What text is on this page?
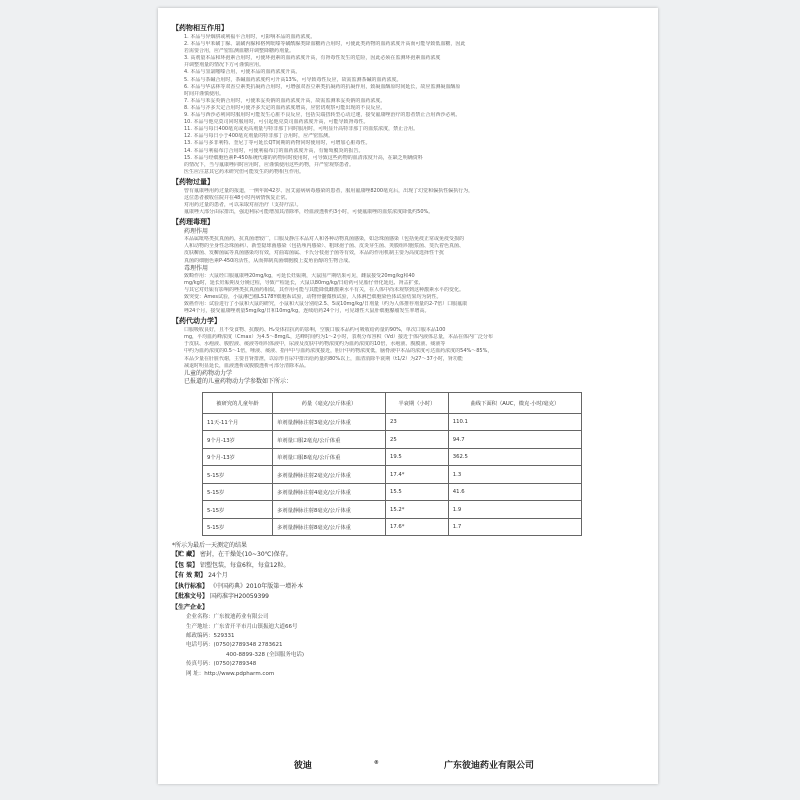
【药物相互作用】
1. 本品与异烟肼或利福平合用时，可影响本品的血药浓度。
2. 本品与甲苯磺丁脲、氯磺丙脲和格列吡嗪等磺酰脲类降血糖药合用时，可使此类药物的血药浓度升高而可能导致低血糖，因此
若需要合用，应严密监测血糖并调整降糖药剂量。
3. 高剂量本品和环孢素合用时，可使环孢素的血药浓度升高，有肾毒性发生的危险，因此必须在监测环孢素血药浓度
并调整剂量的情况下方可谨慎应用。
4. 本品与氢氯噻嗪合用，可使本品的血药浓度升高。
5. 本品与茶碱合用时，茶碱血药浓度约可升高13%，可导致毒性反应，故需监测茶碱的血药浓度。
6. 本品与华法林等双香豆素类抗凝药合用时，可增强双香豆素类抗凝药的抗凝作用，致凝血酶原时间延长，故应监测凝血酶原
时间并谨慎使用。
7. 本品与苯妥英钠合用时，可使苯妥英钠的血药浓度升高，故需监测苯妥英钠的血药浓度。
8. 本品与齐多夫定合用时可使齐多夫定的血药浓度增高，应密切观察可能出现的不良反应。
9. 本品与西沙必利同时服用时可能发生心脏不良反应，包括尖端扭转型心动过速，接受氟康唑治疗的患者禁止合用西沙必利。
10. 本品与他克莫司同时服用时，可引起他克莫司血药浓度升高，可能导致肾毒性。
11. 本品与每日400毫克或更高剂量与特非那丁同时服用时，可明显升高特非那丁的血浆浓度，禁止合用。
12. 本品与每日小于400毫克剂量的特非那丁合用时，应严密监测。
13. 本品与多非利特、奎尼丁等可延长QT间期的药物同时使用时，可增加心脏毒性。
14. 本品与利福布汀合用时，可使利福布汀的血药浓度升高，有葡萄膜炎的报告。
15. 本品与经细胞色素P-450系统代谢的药物同时使用时，可导致这些药物的血清浓度升高，在缺乏明确资料
的情况下，当与氟康唑同时应用时，应谨慎使用这些药物，并严密观察患者。
医生应注意其它药未研究但可能发生的药物相互作用。
【药物过量】
曾有氟康唑用药过量的报道，一例年龄42岁、因艾滋病病毒感染的患者，服用氟康唑8200毫克后，出现了幻觉和偏执性偏执行为，
这位患者被收住院并在48小时内病情恢复正常。
对用药过量的患者，可以采取对症治疗（支持疗法）。
氟康唑大部分由尿排出，强迫利尿可能增加其清除率，经血液透析约3小时，可使氟康唑的血浆浓度降低约50%。
【药理毒理】
药理作用
本品属吡咯类抗真菌药，抗真菌谱较广，口服及静注本品对人和各种动物真菌感染，如念珠菌感染（包括免疫正常或免疫受损的
人和动物的全身性念珠菌病）、新型隐球菌感染（包括颅内感染）、粗球孢子菌、皮炎芽生菌、荚膜组织胞浆菌、斐氏着色真菌、
皮肤癣菌、发癣菌属等真菌感染均有效，对曲霉菌属、卡氏分枝孢子菌等有效，本品的作用机制主要为高度选择性干扰
真菌的细胞色素P-450的活性，从而抑制真菌细胞膜上麦角甾醇的生物合成。
毒理作用
致畸作用：大鼠经口服氟康唑20mg/kg，可延长妊娠期，大鼠围产期结果可见，雌鼠接受20mg/kg和40
mg/kg时，延长妊娠期及分娩过程，导致产程延长，大鼠以80mg/kg/日给药可见胎仔骨化延迟、肾盂扩张、
与其它对妊娠有影响的唑类抗真菌药相似，其作用可能与其能降低雌激素水平有关，在人体中尚未观察到这种激素水平的变化。
致突变：Ames试验，小鼠淋巴瘤L5178Y细胞系试验，动物骨髓微核试验，人体淋巴细胞染色体试验结果均为阴性。
致癌作用：试验进行了小鼠和大鼠的研究，小鼠和大鼠分别给2.5、5或10mg/kg/日剂量（约为人体推荐剂量的2-7倍）口服氟康
唑24个月，接受氟康唑剂量5mg/kg/日和10mg/kg，连续给药24个月，可见雄性大鼠肝细胞腺瘤发生率增高。
【药代动力学】
口服吸收良好，且不受食物、抗酸药、H₂受体拮抗药的影响，空腹口服本品约可吸收给药量的90%，单次口服本品100
mg，平均血药峰浓度（Cmax）为4.5～8mg/L，达峰时间约为1～2小时，表观分布容积（Vd）接近于体内液体总量，本品在体内广泛分布
于皮肤、水疱液、腹腔液、痰液等组织体液中，尿液及皮肤中药物浓度约为血药浓度的10倍，水疱液、腹膜液、痰液等
中约为血药浓度的0.5～1倍，唾液、痰液、指甲中与血药浓度接近，胆汁中药物浓度低，脑脊液中本品的浓度可达血药浓度的54%～85%，
本品少量在肝脏代谢，主要自肾排泄，以原形自尿中排出给药量的80%以上，血清消除半衰期（t1/2）为27～37小时，肾功能
减退时明显延长，血液透析或腹膜透析可部分清除本品。
儿童的药物动力学
已报道的儿童药物动力学参数如下所示：
被研究的儿童年龄	药量（毫克/公斤体重）	半衰期（小时）	曲线下面积（AUC，微克·小时/毫克）
11天-11个月	单剂量静脉注射3毫克/公斤体重	23	110.1
9个月-13岁	单剂量口服2毫克/公斤体重	25	94.7
9个月-13岁	单剂量口服8毫克/公斤体重	19.5	362.5
5-15岁	多剂量静脉注射2毫克/公斤体重	17.4*	1.3
5-15岁	多剂量静脉注射4毫克/公斤体重	15.5	41.6
5-15岁	多剂量静脉注射8毫克/公斤体重	15.2*	1.9
5-15岁	多剂量静脉注射8毫克/公斤体重	17.6*	1.7
*所示为最后一天测定的结果
【贮 藏】 密封，在干燥处(10~30℃)保存。
【包 装】 铝塑包装，每盒6粒，每盒12粒。
【有 效 期】 24个月
【执行标准】 《中国药典》2010年版第一增补本
【批准文号】 国药准字H20059399
【生产企业】
企业名称：广东彼迪药业有限公司
生产地址：广东省开平市月山镇振迪大道66号
邮政编码：529331
电话号码：(0750)2789348 2783621
400-8899-328 (全国服务电话)
传真号码：(0750)2789348
网 址：http://www.pdpharm.com
彼迪	®	广东彼迪药业有限公司
